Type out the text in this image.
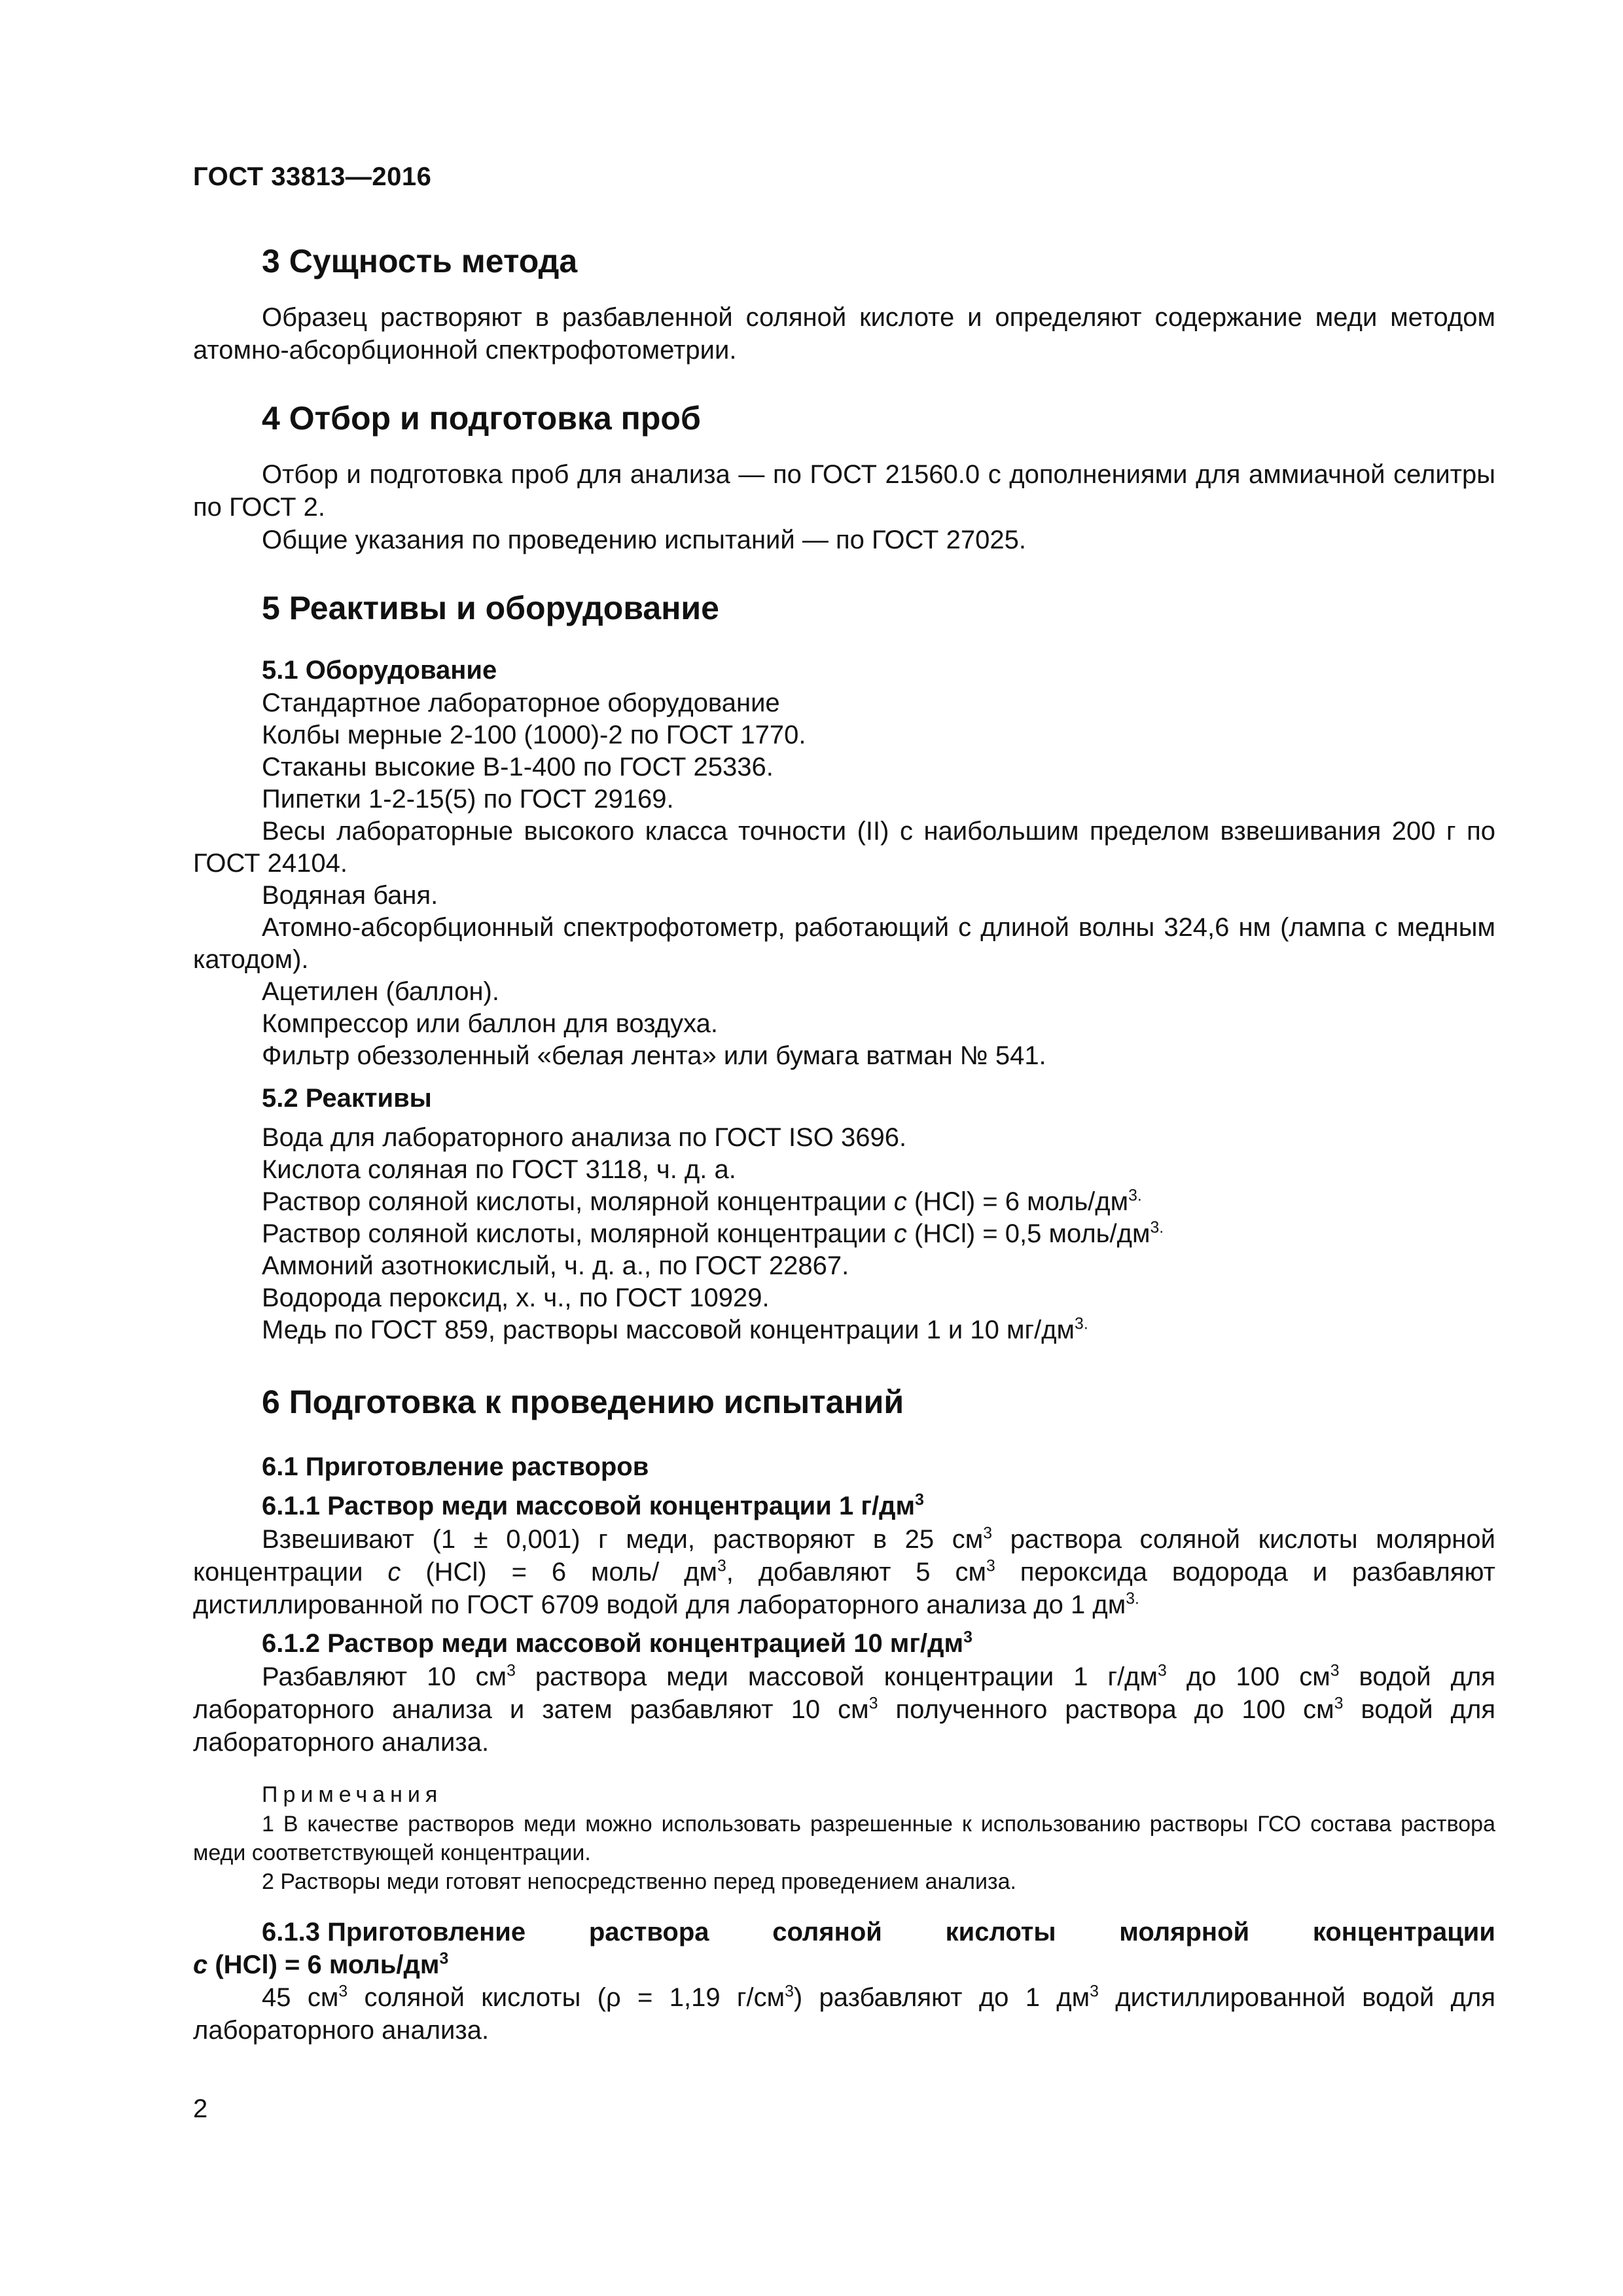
ГОСТ 33813—2016
3 Сущность метода

Образец растворяют в разбавленной соляной кислоте и определяют содержание меди методом атомно-абсорбционной спектрофотометрии.

4 Отбор и подготовка проб

Отбор и подготовка проб для анализа — по ГОСТ 21560.0 с дополнениями для аммиачной селитры по ГОСТ 2.

Общие указания по проведению испытаний — по ГОСТ 27025.

5 Реактивы и оборудование
5.1 Оборудование

Стандартное лабораторное оборудование

Колбы мерные 2-100 (1000)-2 по ГОСТ 1770.

Стаканы высокие В-1-400 по ГОСТ 25336.

Пипетки 1-2-15(5) по ГОСТ 29169.

Весы лабораторные высокого класса точности (II) с наибольшим пределом взвешивания 200 г по ГОСТ 24104.

Водяная баня.

Атомно-абсорбционный спектрофотометр, работающий с длиной волны 324,6 нм (лампа с медным катодом).

Ацетилен (баллон).

Компрессор или баллон для воздуха.

Фильтр обеззоленный «белая лента» или бумага ватман № 541.

5.2 Реактивы

Вода для лабораторного анализа по ГОСТ ISO 3696.

Кислота соляная по ГОСТ 3118, ч. д. а.

Раствор соляной кислоты, молярной концентрации с (HCl) = 6 моль/$дм^{3.}$

Раствор соляной кислоты, молярной концентрации с (HCl) = 0,5 моль/$дм^{3.}$

Аммоний азотнокислый, ч. д. а., по ГОСТ 22867.

Водорода пероксид, х. ч., по ГОСТ 10929.

Медь по ГОСТ 859, растворы массовой концентрации 1 и 10 $мг/дм^{3.}$

6 Подготовка к проведению испытаний
6.1 Приготовление растворов
6.1.1 Раствор меди массовой концентрации 1 $г/дм^3$

Взвешивают (1 ± 0,001) г меди, растворяют в 25 $см^3$ раствора соляной кислоты молярной концентрации с (HCl) = 6 моль/ $дм^3$, добавляют 5 $см^3$ пероксида водорода и разбавляют дистиллированной по ГОСТ 6709 водой для лабораторного анализа до 1 $дм^{3.}$

6.1.2 Раствор меди массовой концентрацией 10 $мг/дм^3$

Разбавляют 10 $см^3$ раствора меди массовой концентрации 1 $г/дм^3$ до 100 $см^3$ водой для лабораторного анализа и затем разбавляют 10 $см^3$ полученного раствора до 100 $см^3$ водой для лабораторного анализа.

Примечания

1 В качестве растворов меди можно использовать разрешенные к использованию растворы ГСО состава раствора меди соответствующей концентрации.

2 Растворы меди готовят непосредственно перед проведением анализа.

6.1.3 Приготовление раствора соляной кислоты молярной концентрации
с (HCl) = 6 моль/$дм^3$

45 $см^3$ соляной кислоты (ρ = 1,19 $г/см^3$) разбавляют до 1 $дм^3$ дистиллированной водой для лабораторного анализа.

2
